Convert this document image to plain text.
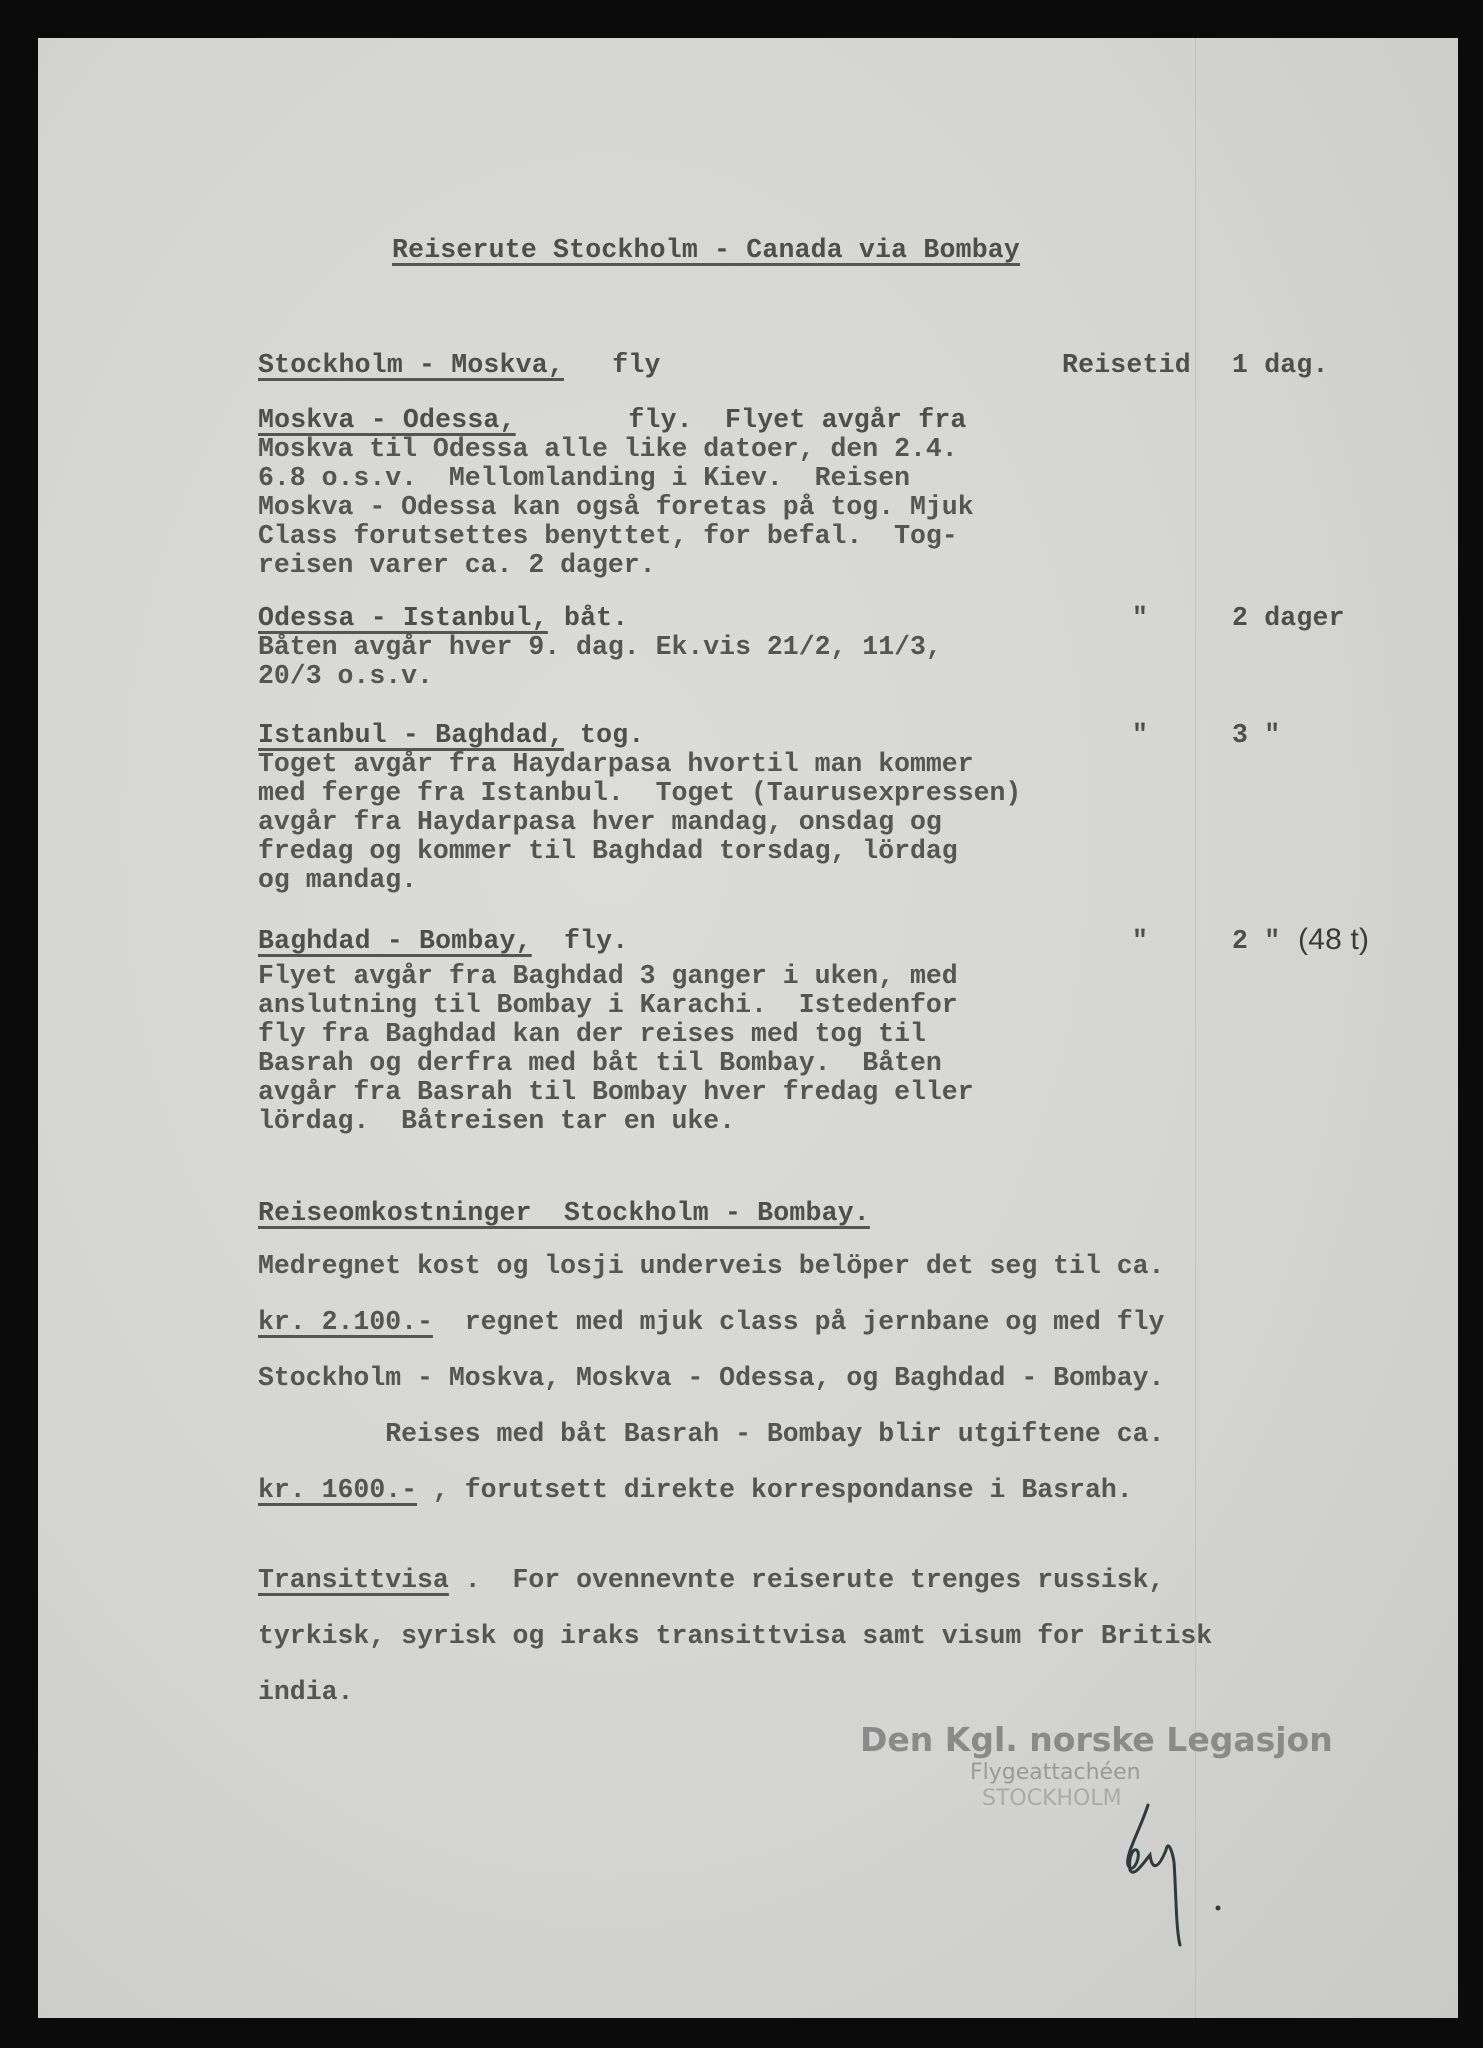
Reiserute Stockholm - Canada via Bombay
Stockholm - Moskva,   fly	Reisetid 1 dag.
Moskva - Odessa,       fly.  Flyet avgår fra
Moskva til Odessa alle like datoer, den 2.4.
6.8 o.s.v.  Mellomlanding i Kiev.  Reisen
Moskva - Odessa kan også foretas på tog. Mjuk
Class forutsettes benyttet, for befal.  Tog-
reisen varer ca. 2 dager.
Odessa - Istanbul, båt.	"	2 dager
Båten avgår hver 9. dag. Ek.vis 21/2, 11/3,
20/3 o.s.v.
Istanbul - Baghdad, tog.	"	3 "
Toget avgår fra Haydarpasa hvortil man kommer
med ferge fra Istanbul.  Toget (Taurusexpressen)
avgår fra Haydarpasa hver mandag, onsdag og
fredag og kommer til Baghdad torsdag, lördag
og mandag.
Baghdad - Bombay,  fly.	"	2 " (48 t)
Flyet avgår fra Baghdad 3 ganger i uken, med
anslutning til Bombay i Karachi.  Istedenfor
fly fra Baghdad kan der reises med tog til
Basrah og derfra med båt til Bombay.  Båten
avgår fra Basrah til Bombay hver fredag eller
lördag.  Båtreisen tar en uke.
Reiseomkostninger  Stockholm - Bombay.
Medregnet kost og losji underveis belöper det seg til ca.
kr. 2.100.-  regnet med mjuk class på jernbane og med fly
Stockholm - Moskva, Moskva - Odessa, og Baghdad - Bombay.
Reises med båt Basrah - Bombay blir utgiftene ca.
kr. 1600.- , forutsett direkte korrespondanse i Basrah.
Transittvisa .  For ovennevnte reiserute trenges russisk,
tyrkisk, syrisk og iraks transittvisa samt visum for Britisk
india.
Den Kgl. norske Legasjon
Flygeattachéen
STOCKHOLM
